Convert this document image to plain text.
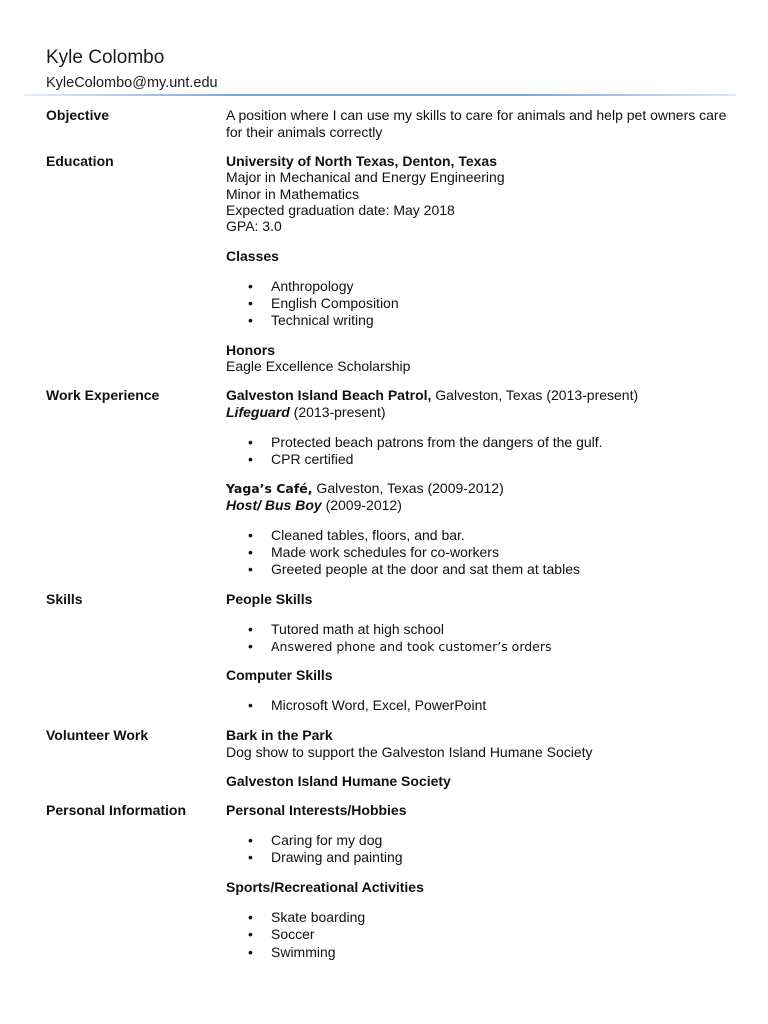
Kyle Colombo
KyleColombo@my.unt.edu
Objective	A position where I can use my skills to care for animals and help pet owners care
for their animals correctly
Education	University of North Texas, Denton, Texas
Major in Mechanical and Energy Engineering
Minor in Mathematics
Expected graduation date: May 2018
GPA: 3.0
Classes
• Anthropology
• English Composition
• Technical writing
Honors
Eagle Excellence Scholarship
Work Experience	Galveston Island Beach Patrol, Galveston, Texas (2013-present)
Lifeguard (2013-present)
• Protected beach patrons from the dangers of the gulf.
• CPR certified
Yaga’s Café, Galveston, Texas (2009-2012)
Host/ Bus Boy (2009-2012)
• Cleaned tables, floors, and bar.
• Made work schedules for co-workers
• Greeted people at the door and sat them at tables
Skills	People Skills
• Tutored math at high school
• Answered phone and took customer’s orders
Computer Skills
• Microsoft Word, Excel, PowerPoint
Volunteer Work	Bark in the Park
Dog show to support the Galveston Island Humane Society
Galveston Island Humane Society
Personal Information	Personal Interests/Hobbies
• Caring for my dog
• Drawing and painting
Sports/Recreational Activities
• Skate boarding
• Soccer
• Swimming
